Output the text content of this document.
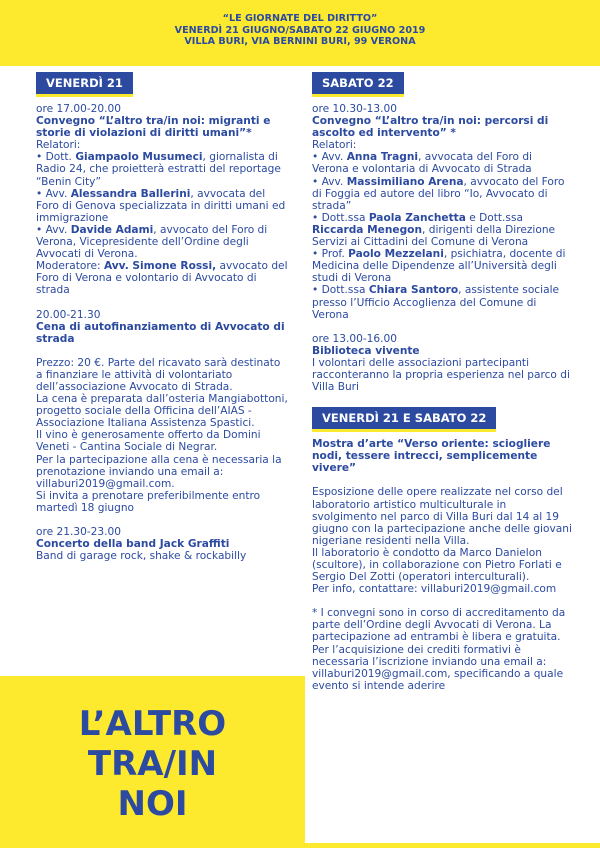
“LE GIORNATE DEL DIRITTO”
VENERDÌ 21 GIUGNO/SABATO 22 GIUGNO 2019
VILLA BURI, VIA BERNINI BURI, 99 VERONA
VENERDÌ 21

ore 17.00-20.00

Convegno “L’altro tra/in noi: migranti e storie di violazioni di diritti umani”*

Relatori:

• Dott. Giampaolo Musumeci, giornalista di Radio 24, che proietterà estratti del reportage “Benin City”

• Avv. Alessandra Ballerini, avvocata del Foro di Genova specializzata in diritti umani ed immigrazione

• Avv. Davide Adami, avvocato del Foro di Verona, Vicepresidente dell’Ordine degli Avvocati di Verona.

Moderatore: Avv. Simone Rossi, avvocato del Foro di Verona e volontario di Avvocato di strada

20.00-21.30

Cena di autofinanziamento di Avvocato di strada

Prezzo: 20 €. Parte del ricavato sarà destinato a finanziare le attività di volontariato dell’associazione Avvocato di Strada.

La cena è preparata dall’osteria Mangiabottoni, progetto sociale della Officina dell’AIAS - Associazione Italiana Assistenza Spastici.

Il vino è generosamente offerto da Domini Veneti - Cantina Sociale di Negrar.

Per la partecipazione alla cena è necessaria la prenotazione inviando una email a: villaburi2019@gmail.com.

Si invita a prenotare preferibilmente entro martedì 18 giugno

ore 21.30-23.00

Concerto della band Jack Graffiti

Band di garage rock, shake & rockabilly

SABATO 22

ore 10.30-13.00

Convegno “L’altro tra/in noi: percorsi di ascolto ed intervento” *

Relatori:

• Avv. Anna Tragni, avvocata del Foro di Verona e volontaria di Avvocato di Strada

• Avv. Massimiliano Arena, avvocato del Foro di Foggia ed autore del libro “Io, Avvocato di strada”

• Dott.ssa Paola Zanchetta e Dott.ssa Riccarda Menegon, dirigenti della Direzione Servizi ai Cittadini del Comune di Verona

• Prof. Paolo Mezzelani, psichiatra, docente di Medicina delle Dipendenze all’Università degli studi di Verona

• Dott.ssa Chiara Santoro, assistente sociale presso l’Ufficio Accoglienza del Comune di Verona

ore 13.00-16.00

Biblioteca vivente

I volontari delle associazioni partecipanti racconteranno la propria esperienza nel parco di Villa Buri

VENERDÌ 21 E SABATO 22

Mostra d’arte “Verso oriente: sciogliere nodi, tessere intrecci, semplicemente vivere”

Esposizione delle opere realizzate nel corso del laboratorio artistico multiculturale in svolgimento nel parco di Villa Buri dal 14 al 19 giugno con la partecipazione anche delle giovani nigeriane residenti nella Villa.

Il laboratorio è condotto da Marco Danielon (scultore), in collaborazione con Pietro Forlati e Sergio Del Zotti (operatori interculturali).

Per info, contattare: villaburi2019@gmail.com

* I convegni sono in corso di accreditamento da parte dell’Ordine degli Avvocati di Verona. La partecipazione ad entrambi è libera e gratuita. Per l’acquisizione dei crediti formativi è necessaria l’iscrizione inviando una email a: villaburi2019@gmail.com, specificando a quale evento si intende aderire

L’ALTRO
TRA/IN
NOI
